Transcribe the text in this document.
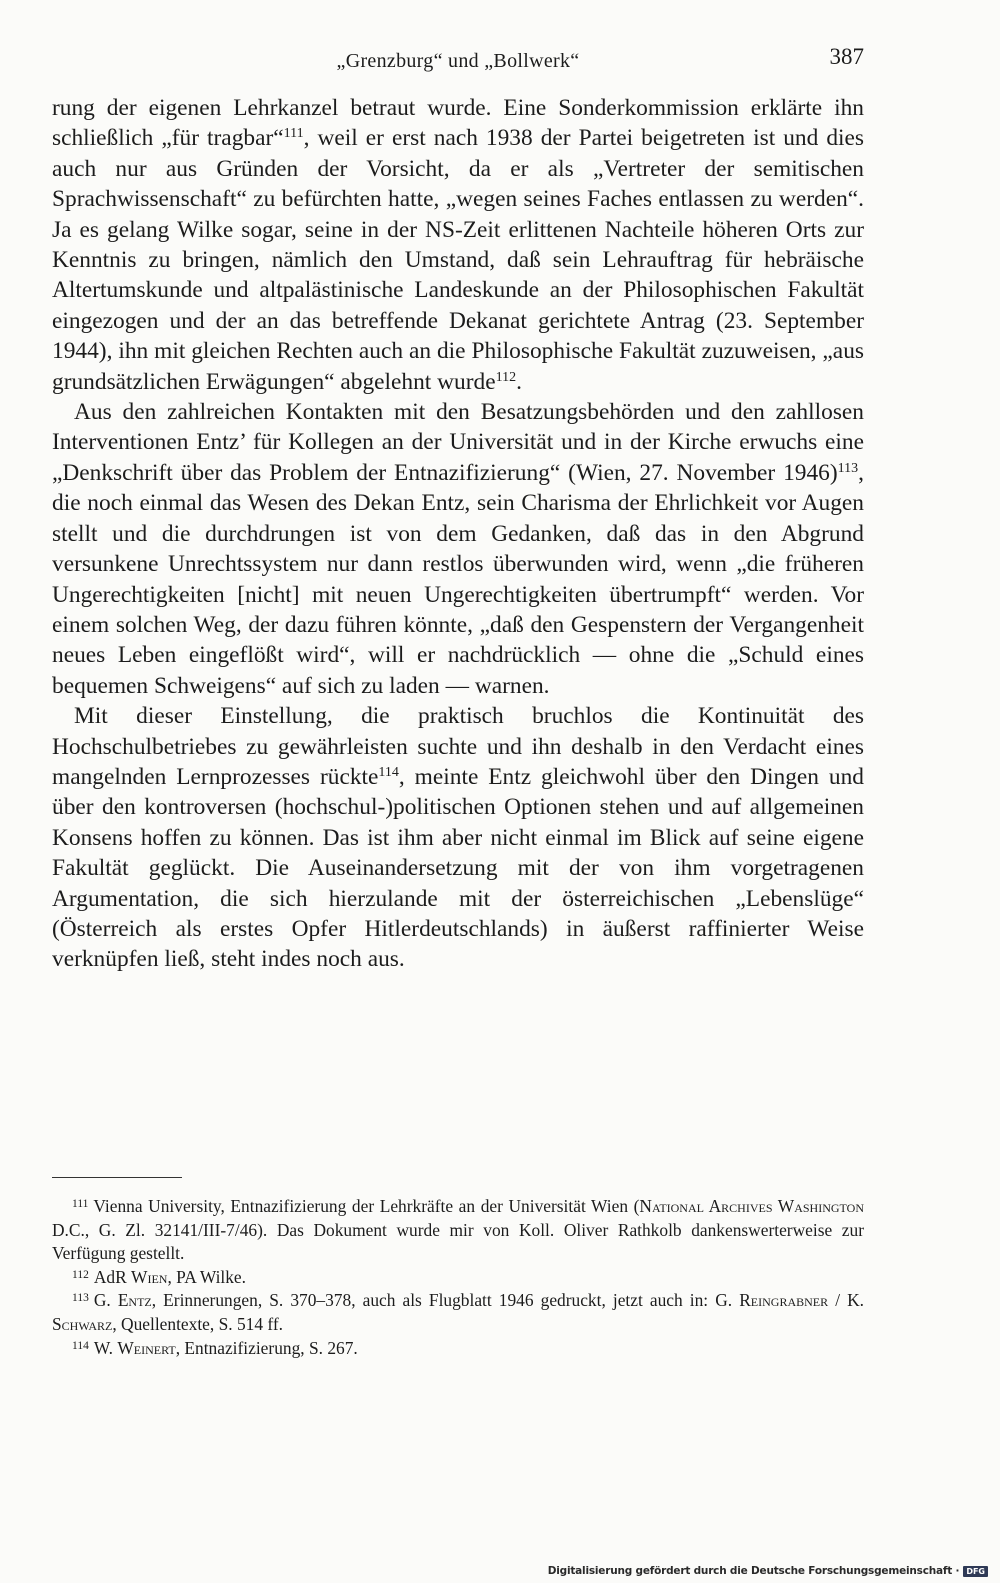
„Grenzburg“ und „Bollwerk“	387

rung der eigenen Lehrkanzel betraut wurde. Eine Sonderkommission erklärte ihn schließlich „für tragbar“$^{111}$, weil er erst nach 1938 der Partei beigetreten ist und dies auch nur aus Gründen der Vorsicht, da er als „Vertreter der semitischen Sprachwissenschaft“ zu befürchten hatte, „wegen seines Faches entlassen zu werden“. Ja es gelang Wilke sogar, seine in der NS-Zeit erlittenen Nachteile höheren Orts zur Kenntnis zu bringen, nämlich den Umstand, daß sein Lehrauftrag für hebräische Altertumskunde und altpalästinische Landeskunde an der Philosophischen Fakultät eingezogen und der an das betreffende Dekanat gerichtete Antrag (23. September 1944), ihn mit gleichen Rechten auch an die Philosophische Fakultät zuzuweisen, „aus grundsätzlichen Erwägungen“ abgelehnt wurde$^{112}$.

Aus den zahlreichen Kontakten mit den Besatzungsbehörden und den zahllosen Interventionen Entz’ für Kollegen an der Universität und in der Kirche erwuchs eine „Denkschrift über das Problem der Entnazifizierung“ (Wien, 27. November 1946)$^{113}$, die noch einmal das Wesen des Dekan Entz, sein Charisma der Ehrlichkeit vor Augen stellt und die durchdrungen ist von dem Gedanken, daß das in den Abgrund versunkene Unrechtssystem nur dann restlos überwunden wird, wenn „die früheren Ungerechtigkeiten [nicht] mit neuen Ungerechtigkeiten übertrumpft“ werden. Vor einem solchen Weg, der dazu führen könnte, „daß den Gespenstern der Vergangenheit neues Leben eingeflößt wird“, will er nachdrücklich — ohne die „Schuld eines bequemen Schweigens“ auf sich zu laden — warnen.

Mit dieser Einstellung, die praktisch bruchlos die Kontinuität des Hochschulbetriebes zu gewährleisten suchte und ihn deshalb in den Verdacht eines mangelnden Lernprozesses rückte$^{114}$, meinte Entz gleichwohl über den Dingen und über den kontroversen (hochschul-)politischen Optionen stehen und auf allgemeinen Konsens hoffen zu können. Das ist ihm aber nicht einmal im Blick auf seine eigene Fakultät geglückt. Die Auseinandersetzung mit der von ihm vorgetragenen Argumentation, die sich hierzulande mit der österreichischen „Lebenslüge“ (Österreich als erstes Opfer Hitlerdeutschlands) in äußerst raffinierter Weise verknüpfen ließ, steht indes noch aus.

$^{111}$ Vienna University, Entnazifizierung der Lehrkräfte an der Universität Wien (National Archives Washington D.C., G. Zl. 32141/III-7/46). Das Dokument wurde mir von Koll. Oliver Rathkolb dankenswerterweise zur Verfügung gestellt.

$^{112}$ AdR Wien, PA Wilke.

$^{113}$ G. Entz, Erinnerungen, S. 370–378, auch als Flugblatt 1946 gedruckt, jetzt auch in: G. Reingrabner / K. Schwarz, Quellentexte, S. 514 ff.

$^{114}$ W. Weinert, Entnazifizierung, S. 267.

Digitalisierung gefördert durch die Deutsche Forschungsgemeinschaft · DFG
